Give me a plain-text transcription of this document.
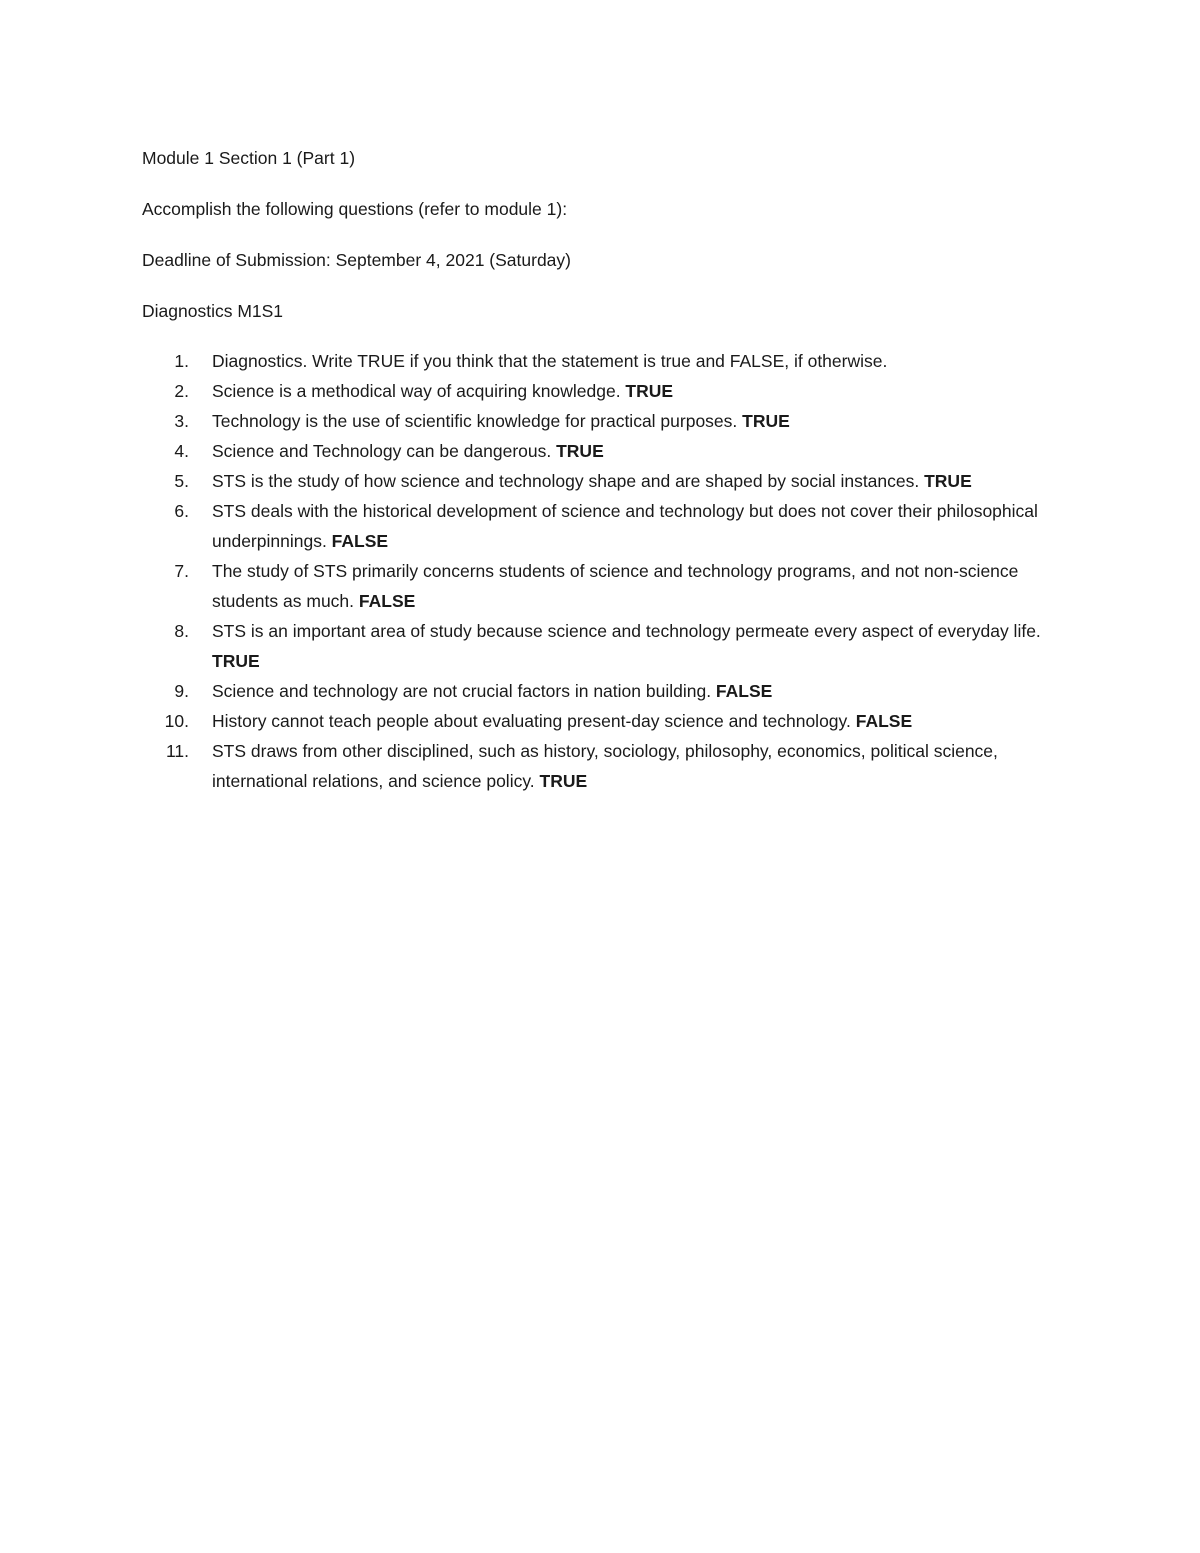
Module 1 Section 1 (Part 1)

Accomplish the following questions (refer to module 1):

Deadline of Submission: September 4, 2021 (Saturday)

Diagnostics M1S1

1. Diagnostics. Write TRUE if you think that the statement is true and FALSE, if otherwise.
2. Science is a methodical way of acquiring knowledge. TRUE
3. Technology is the use of scientific knowledge for practical purposes. TRUE
4. Science and Technology can be dangerous. TRUE
5. STS is the study of how science and technology shape and are shaped by social instances. TRUE
6. STS deals with the historical development of science and technology but does not cover their philosophical underpinnings. FALSE
7. The study of STS primarily concerns students of science and technology programs, and not non-science students as much. FALSE
8. STS is an important area of study because science and technology permeate every aspect of everyday life. TRUE
9. Science and technology are not crucial factors in nation building. FALSE
10. History cannot teach people about evaluating present-day science and technology. FALSE
11. STS draws from other disciplined, such as history, sociology, philosophy, economics, political science, international relations, and science policy. TRUE
